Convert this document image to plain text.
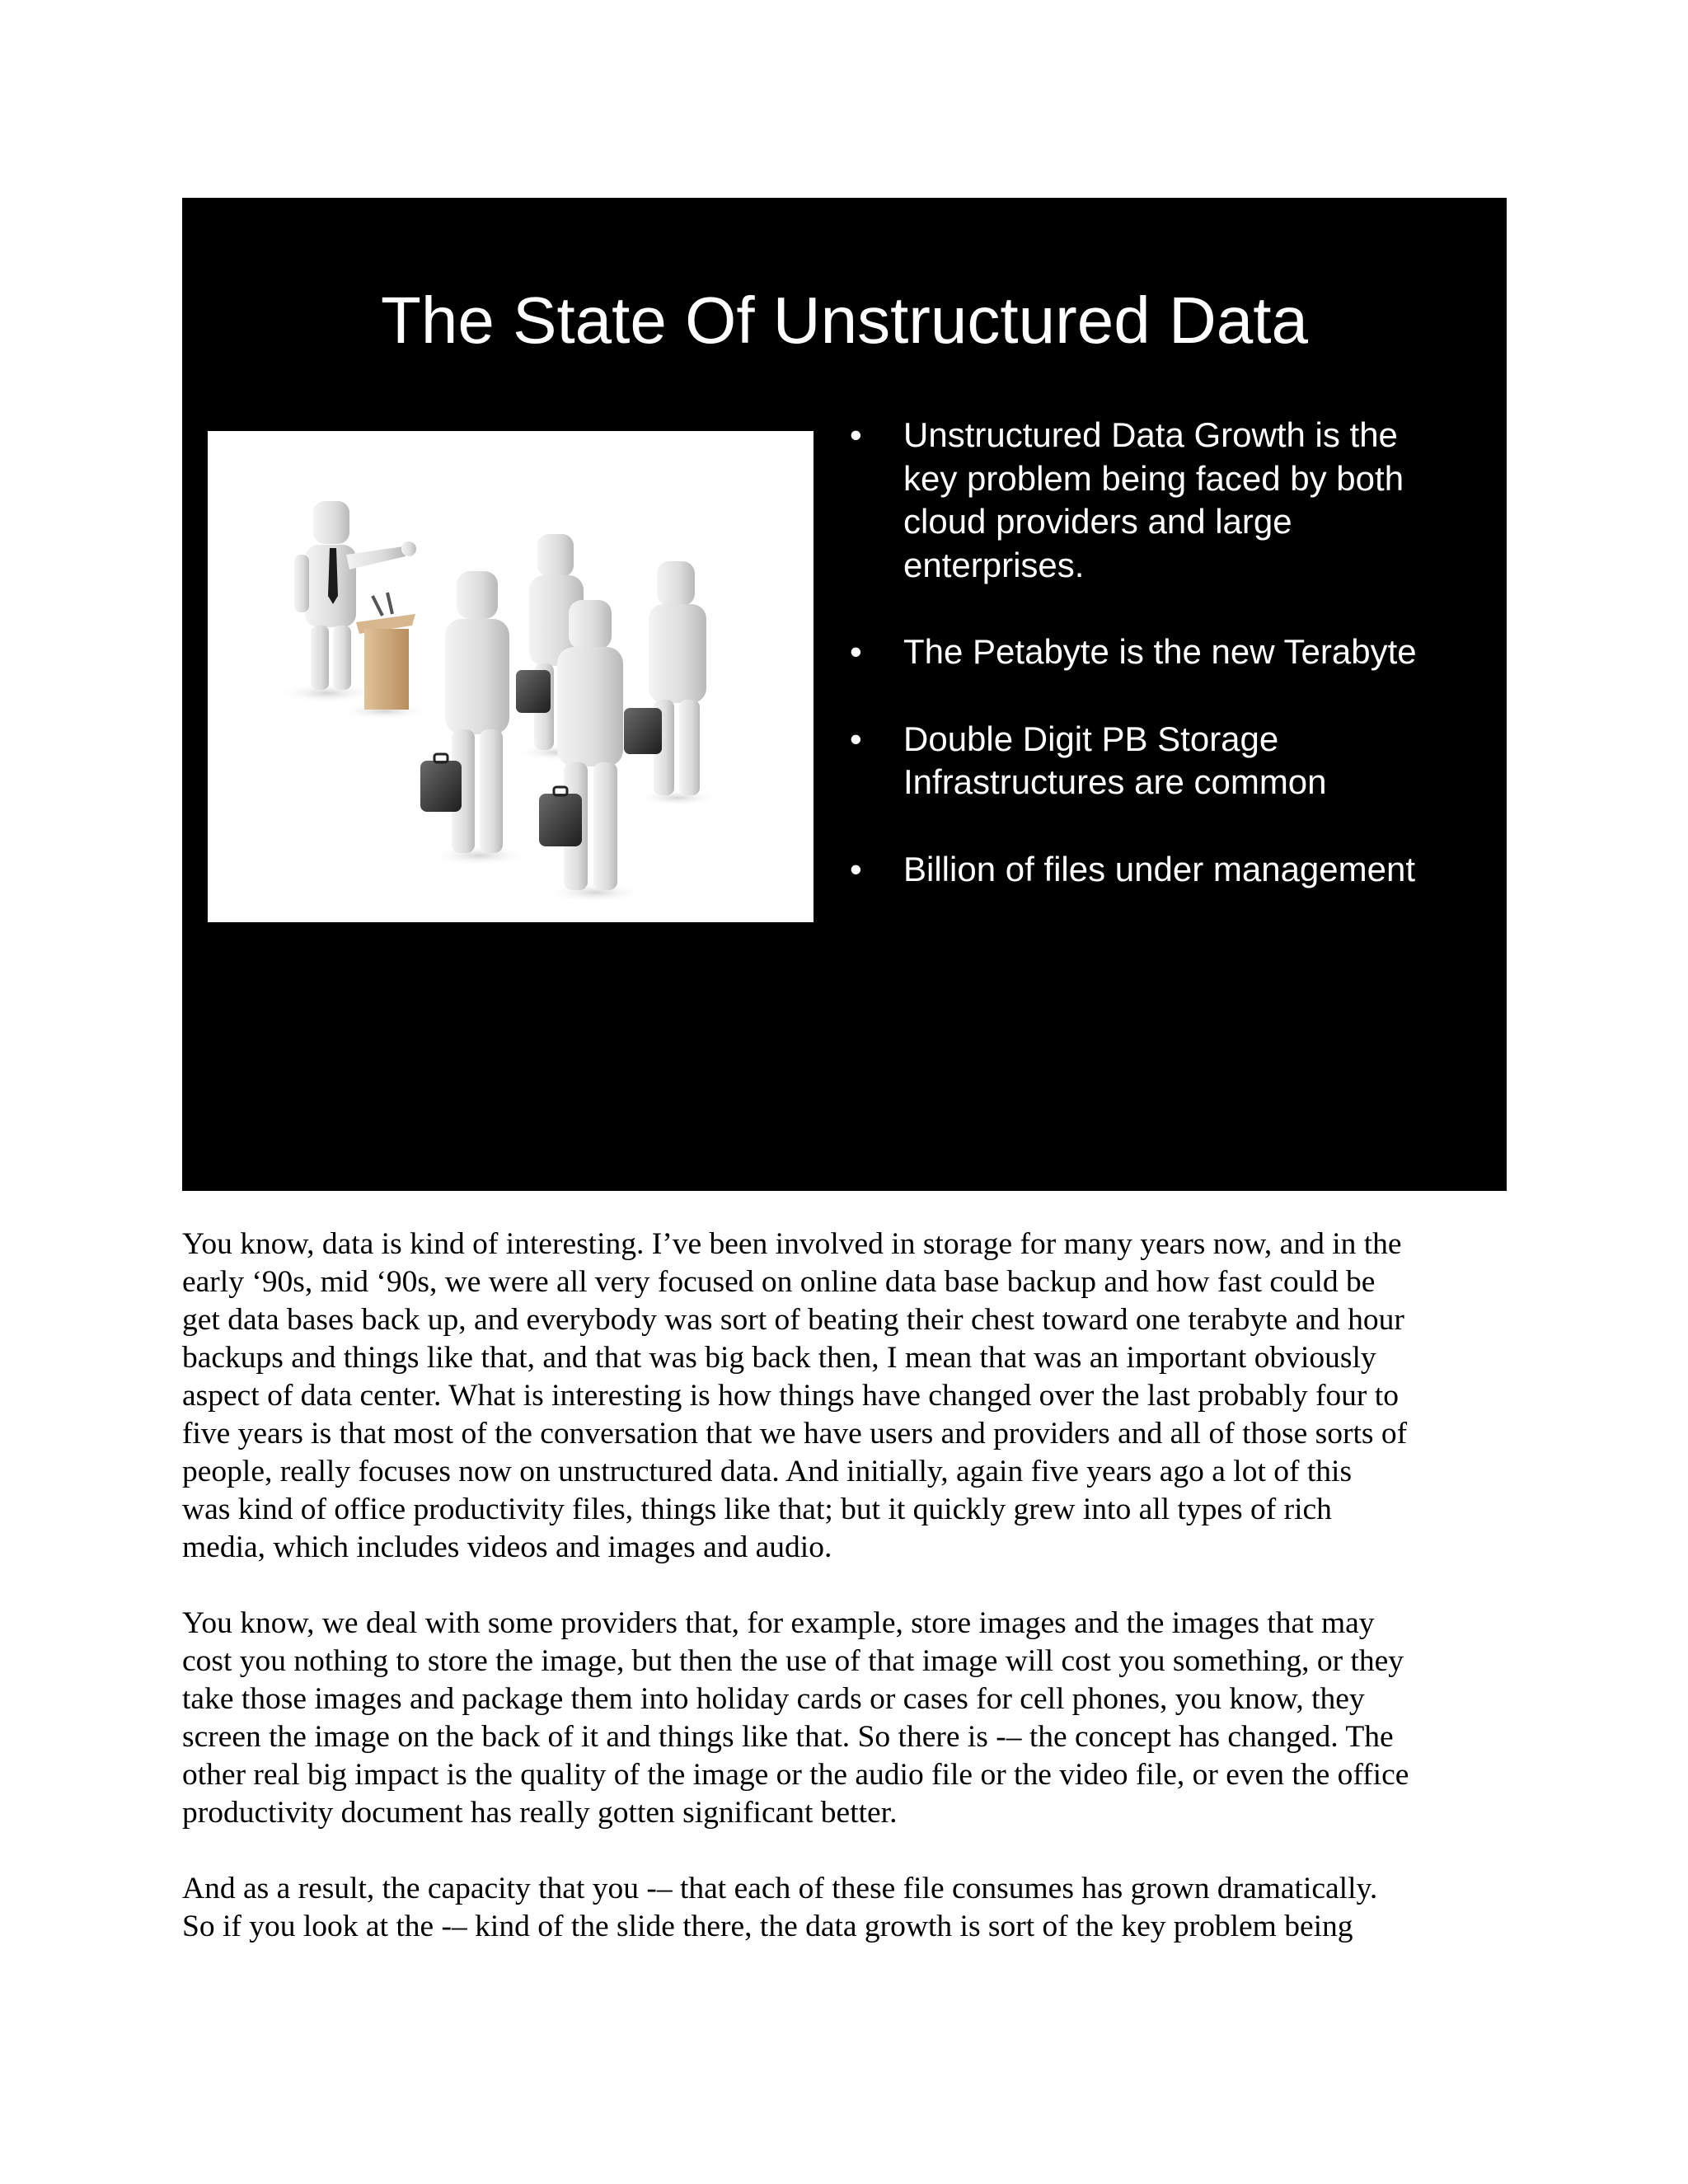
The State Of Unstructured Data
• Unstructured Data Growth is the
key problem being faced by both
cloud providers and large
enterprises.
• The Petabyte is the new Terabyte
• Double Digit PB Storage
Infrastructures are common
• Billion of files under management

You know, data is kind of interesting. I’ve been involved in storage for many years now, and in the
early ‘90s, mid ‘90s, we were all very focused on online data base backup and how fast could be
get data bases back up, and everybody was sort of beating their chest toward one terabyte and hour
backups and things like that, and that was big back then, I mean that was an important obviously
aspect of data center. What is interesting is how things have changed over the last probably four to
five years is that most of the conversation that we have users and providers and all of those sorts of
people, really focuses now on unstructured data. And initially, again five years ago a lot of this
was kind of office productivity files, things like that; but it quickly grew into all types of rich
media, which includes videos and images and audio.

You know, we deal with some providers that, for example, store images and the images that may
cost you nothing to store the image, but then the use of that image will cost you something, or they
take those images and package them into holiday cards or cases for cell phones, you know, they
screen the image on the back of it and things like that. So there is -– the concept has changed. The
other real big impact is the quality of the image or the audio file or the video file, or even the office
productivity document has really gotten significant better.

And as a result, the capacity that you -– that each of these file consumes has grown dramatically.
So if you look at the -– kind of the slide there, the data growth is sort of the key problem being
